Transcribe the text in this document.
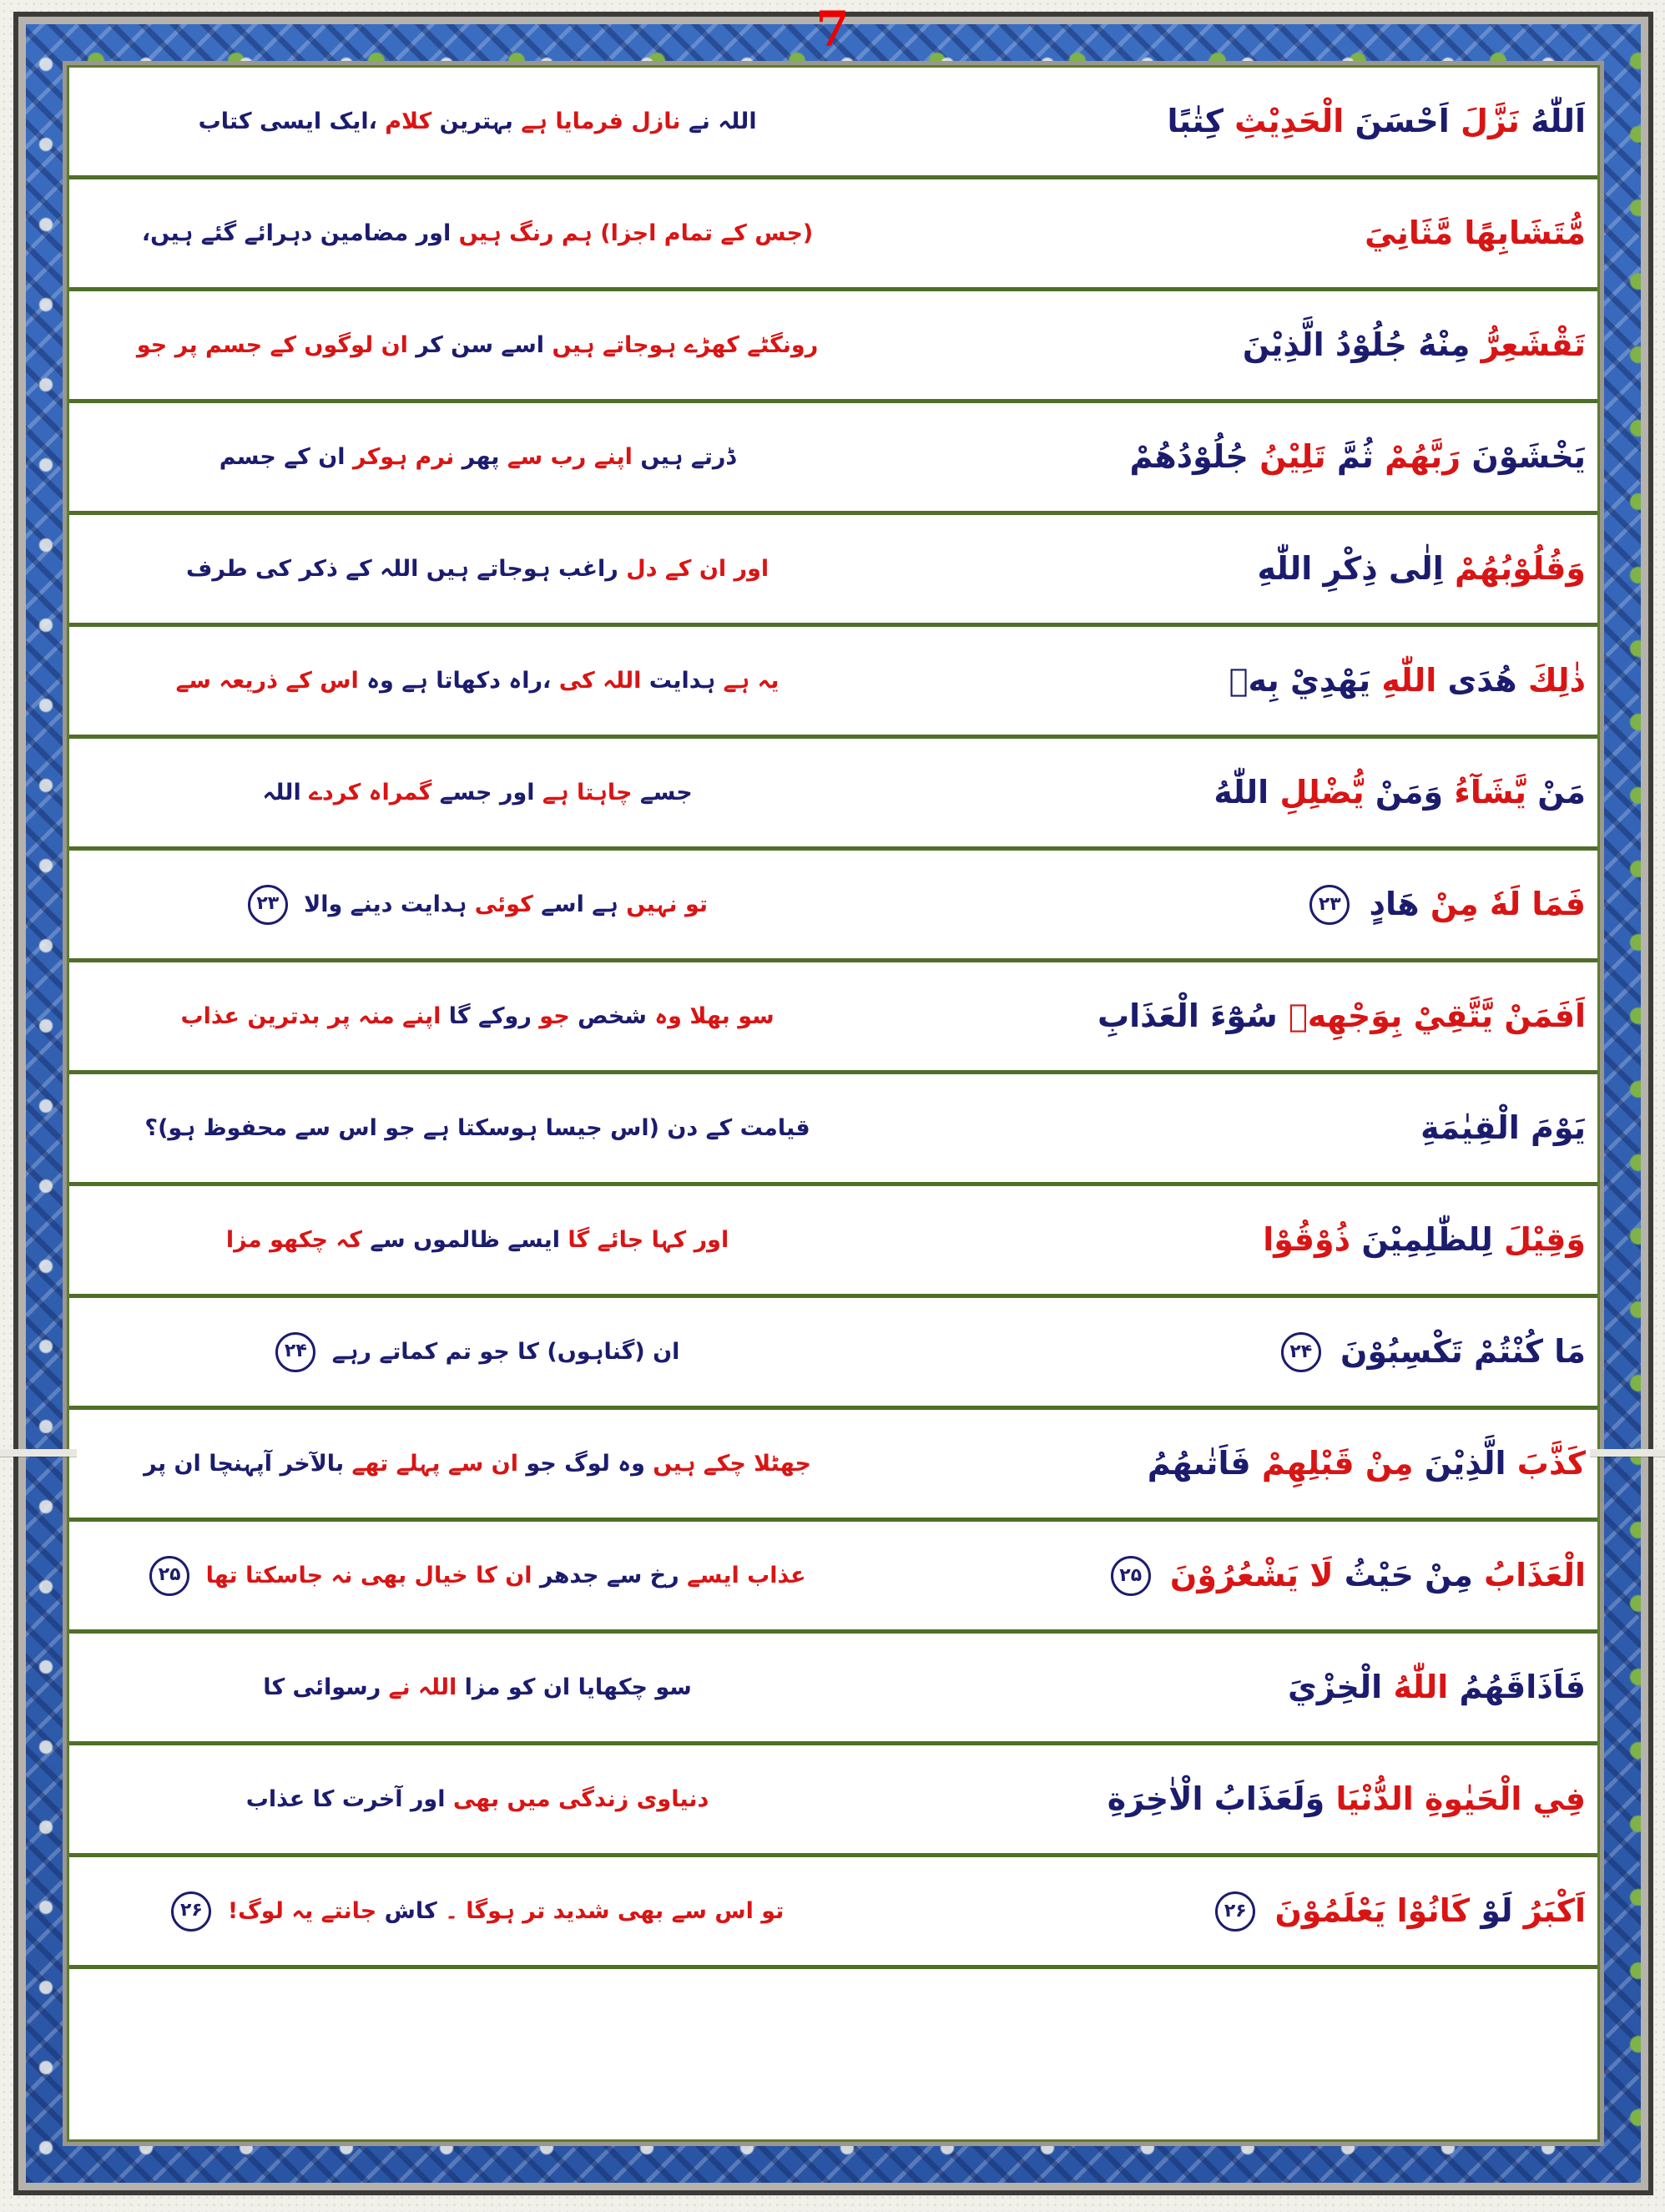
7
اَللّٰهُ
نَزَّلَ
اَحْسَنَ
الْحَدِيْثِ
كِتٰبًا
اللہ نے
نازل فرمایا ہے
بہترین
کلام
،ایک ایسی کتاب
مُّتَشَابِهًا
مَّثَانِيَ
(جس کے تمام اجزا)
ہم رنگ ہیں
اور مضامین دہرائے گئے ہیں،
تَقْشَعِرُّ
مِنْهُ
جُلُوْدُ
الَّذِيْنَ
رونگٹے کھڑے ہوجاتے ہیں
اسے سن کر
ان لوگوں کے جسم پر جو
يَخْشَوْنَ
رَبَّهُمْ
ثُمَّ
تَلِيْنُ
جُلُوْدُهُمْ
ڈرتے ہیں
اپنے رب سے
پھر
نرم ہوکر
ان کے جسم
وَقُلُوْبُهُمْ
اِلٰى ذِكْرِ اللّٰهِ
اور ان کے دل
راغب ہوجاتے ہیں
اللہ کے ذکر کی طرف
ذٰلِكَ
هُدَى
اللّٰهِ
يَهْدِيْ
بِهٖ
یہ ہے
ہدایت
اللہ کی
،راہ دکھاتا ہے وہ
اس کے ذریعہ سے
مَنْ
يَّشَآءُ
وَمَنْ
يُّضْلِلِ
اللّٰهُ
جسے
چاہتا ہے
اور جسے
گمراہ کردے
اللہ
فَمَا
لَهٗ
مِنْ
هَادٍ
۲۳
تو نہیں
ہے اسے
کوئی
ہدایت دینے والا
۲۳
اَفَمَنْ
يَّتَّقِيْ
بِوَجْهِهٖ
سُوْٓءَ
الْعَذَابِ
سو بھلا وہ
شخص
جو
روکے گا
اپنے منہ پر
بدترین عذاب
يَوْمَ الْقِيٰمَةِ
قیامت کے دن (اس جیسا ہوسکتا ہے جو اس سے محفوظ ہو)؟
وَقِيْلَ
لِلظّٰلِمِيْنَ
ذُوْقُوْا
اور کہا جائے گا
ایسے ظالموں سے
کہ چکھو مزا
مَا كُنْتُمْ تَكْسِبُوْنَ
۲۴
ان (گناہوں) کا جو تم کماتے رہے
۲۴
كَذَّبَ
الَّذِيْنَ
مِنْ قَبْلِهِمْ
فَاَتٰىهُمُ
جھٹلا چکے ہیں
وہ لوگ جو
ان سے پہلے تھے
بالآخر آپہنچا ان پر
الْعَذَابُ
مِنْ حَيْثُ
لَا يَشْعُرُوْنَ
۲۵
عذاب ایسے
رخ سے جدھر
ان کا خیال بھی نہ جاسکتا تھا
۲۵
فَاَذَاقَهُمُ
اللّٰهُ
الْخِزْيَ
سو چکھایا ان کو مزا
اللہ نے
رسوائی کا
فِي الْحَيٰوةِ الدُّنْيَا
وَلَعَذَابُ الْاٰخِرَةِ
دنیاوی زندگی میں بھی
اور آخرت کا عذاب
اَكْبَرُ
لَوْ
كَانُوْا يَعْلَمُوْنَ
۲۶
تو اس سے بھی شدید تر ہوگا ۔
کاش
جانتے یہ لوگ!
۲۶
